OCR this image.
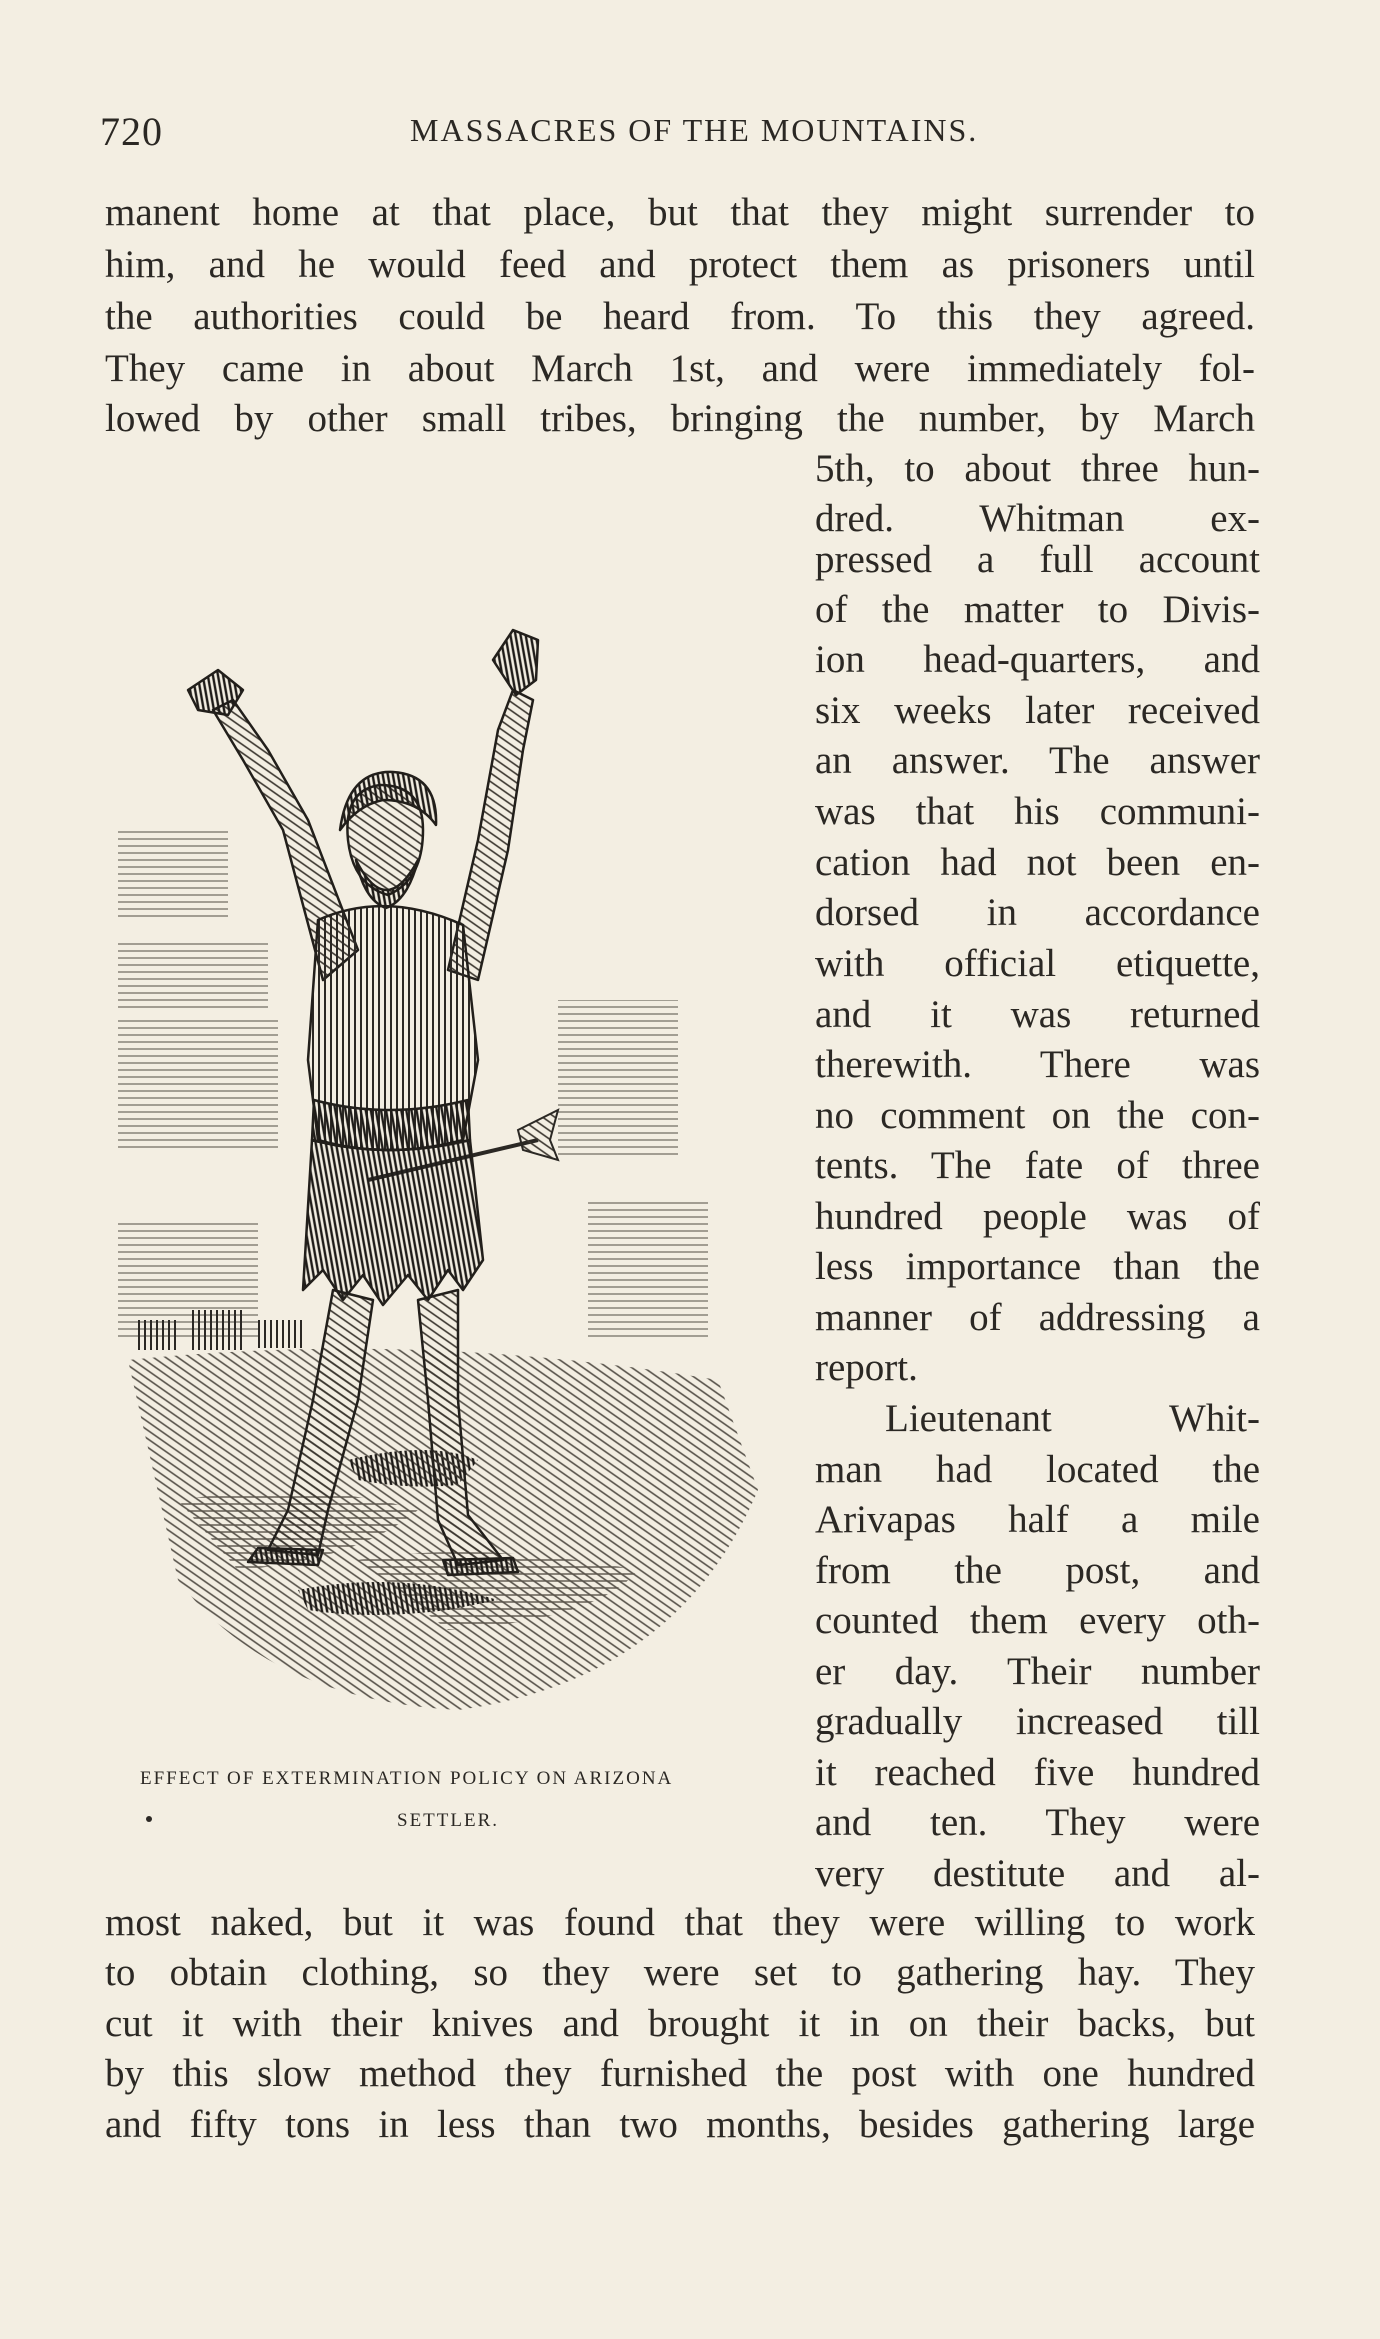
720	MASSACRES OF THE MOUNTAINS.
manent home at that place, but that they might surrender to
him, and he would feed and protect them as prisoners until
the authorities could be heard from. To this they agreed.
They came in about March 1st, and were immediately fol-
lowed by other small tribes, bringing the number, by March
5th, to about three hun-
dred. Whitman ex-
pressed a full account
of the matter to Divis-
ion head-quarters, and
six weeks later received
an answer. The answer
was that his communi-
cation had not been en-
dorsed in accordance
with official etiquette,
and it was returned
therewith. There was
no comment on the con-
tents. The fate of three
hundred people was of
less importance than the
manner of addressing a
report.
Lieutenant Whit-
man had located the
Arivapas half a mile
from the post, and
counted them every oth-
er day. Their number
gradually increased till
it reached five hundred
and ten. They were
very destitute and al-
EFFECT OF EXTERMINATION POLICY ON ARIZONA
SETTLER.
most naked, but it was found that they were willing to work
to obtain clothing, so they were set to gathering hay. They
cut it with their knives and brought it in on their backs, but
by this slow method they furnished the post with one hundred
and fifty tons in less than two months, besides gathering large
